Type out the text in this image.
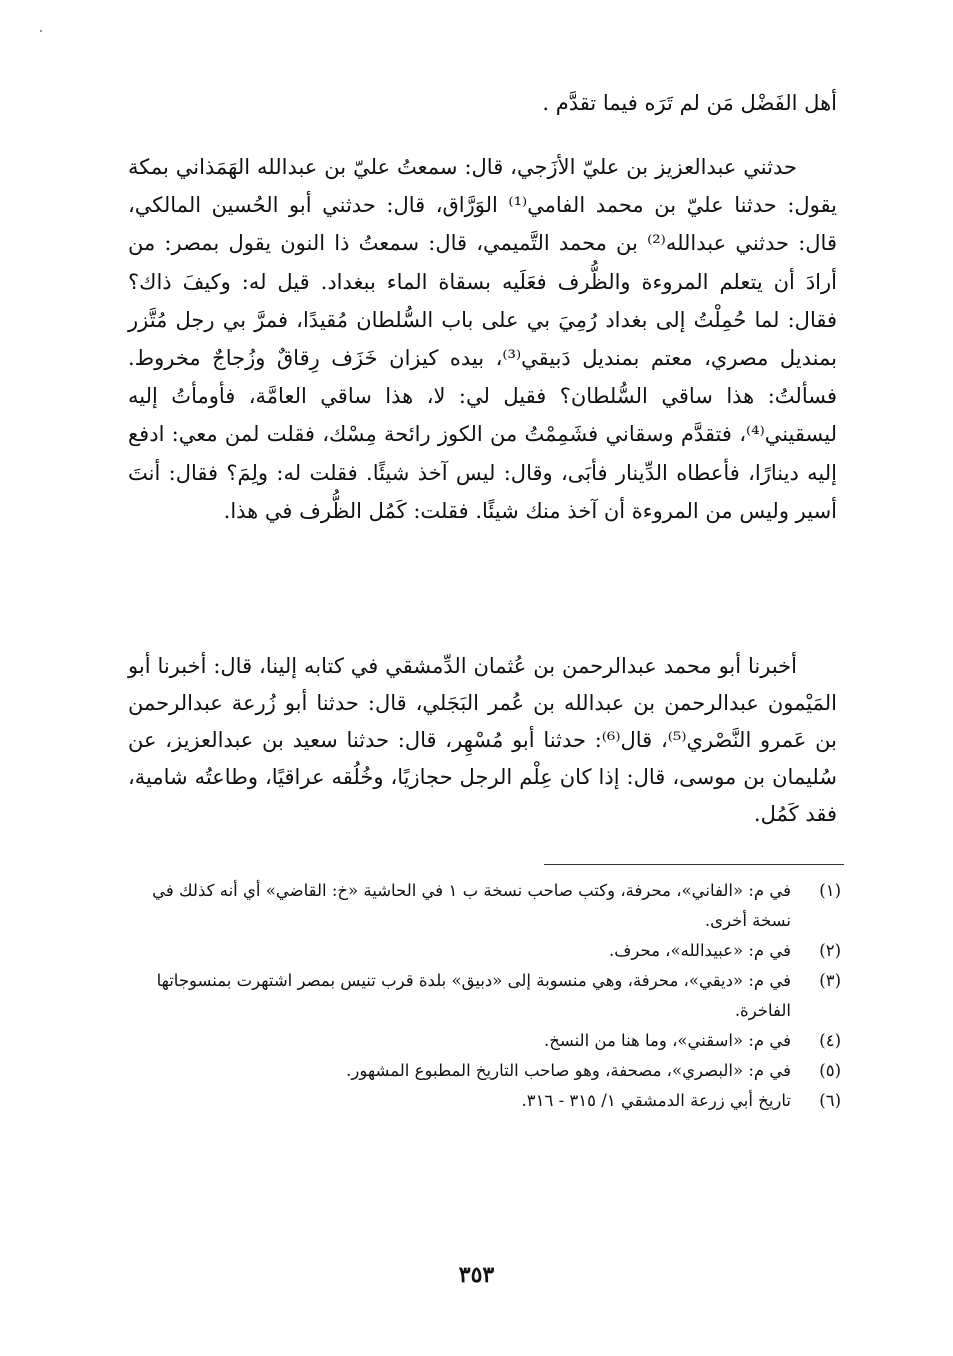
أهل الفَضْل مَن لم تَرَه فيما تقدَّم .
حدثني عبدالعزيز بن عليّ الأزَجي، قال: سمعتُ عليّ بن عبدالله الهَمَذاني بمكة يقول: حدثنا عليّ بن محمد الفامي⁽¹⁾ الوَرَّاق، قال: حدثني أبو الحُسين المالكي، قال: حدثني عبدالله⁽²⁾ بن محمد التَّميمي، قال: سمعتُ ذا النون يقول بمصر: من أرادَ أن يتعلم المروءة والظُّرف فعَلَيه بسقاة الماء ببغداد. قيل له: وكيفَ ذاك؟ فقال: لما حُمِلْتُ إلى بغداد رُمِيَ بي على باب السُّلطان مُقيدًا، فمرَّ بي رجل مُتَّزر بمنديل مصري، معتم بمنديل دَبيقي⁽³⁾، بيده كيزان خَزَف رِقاقٌ وزُجاجٌ مخروط. فسألتُ: هذا ساقي السُّلطان؟ فقيل لي: لا، هذا ساقي العامَّة، فأومأتُ إليه ليسقيني⁽⁴⁾، فتقدَّم وسقاني فشَمِمْتُ من الكوز رائحة مِسْك، فقلت لمن معي: ادفع إليه دينارًا، فأعطاه الدِّينار فأبَى، وقال: ليس آخذ شيئًا. فقلت له: ولِمَ؟ فقال: أنتَ أسير وليس من المروءة أن آخذ منك شيئًا. فقلت: كَمُل الظُّرف في هذا.
أخبرنا أبو محمد عبدالرحمن بن عُثمان الدِّمشقي في كتابه إلينا، قال: أخبرنا أبو المَيْمون عبدالرحمن بن عبدالله بن عُمر البَجَلي، قال: حدثنا أبو زُرعة عبدالرحمن بن عَمرو النَّصْري⁽⁵⁾، قال⁽⁶⁾: حدثنا أبو مُسْهِر، قال: حدثنا سعيد بن عبدالعزيز، عن سُليمان بن موسى، قال: إذا كان عِلْم الرجل حجازيًا، وخُلُقه عراقيًا، وطاعتُه شامية، فقد كَمُل.
(١)
في م: «الفاني»، محرفة، وكتب صاحب نسخة ب ١ في الحاشية «خ: القاضي» أي أنه كذلك في نسخة أخرى.
(٢)
في م: «عبيدالله»، محرف.
(٣)
في م: «ديقي»، محرفة، وهي منسوبة إلى «دبيق» بلدة قرب تنيس بمصر اشتهرت بمنسوجاتها الفاخرة.
(٤)
في م: «اسقني»، وما هنا من النسخ.
(٥)
في م: «البصري»، مصحفة، وهو صاحب التاريخ المطبوع المشهور.
(٦)
تاريخ أبي زرعة الدمشقي ١/ ٣١٥ - ٣١٦.
٣٥٣
